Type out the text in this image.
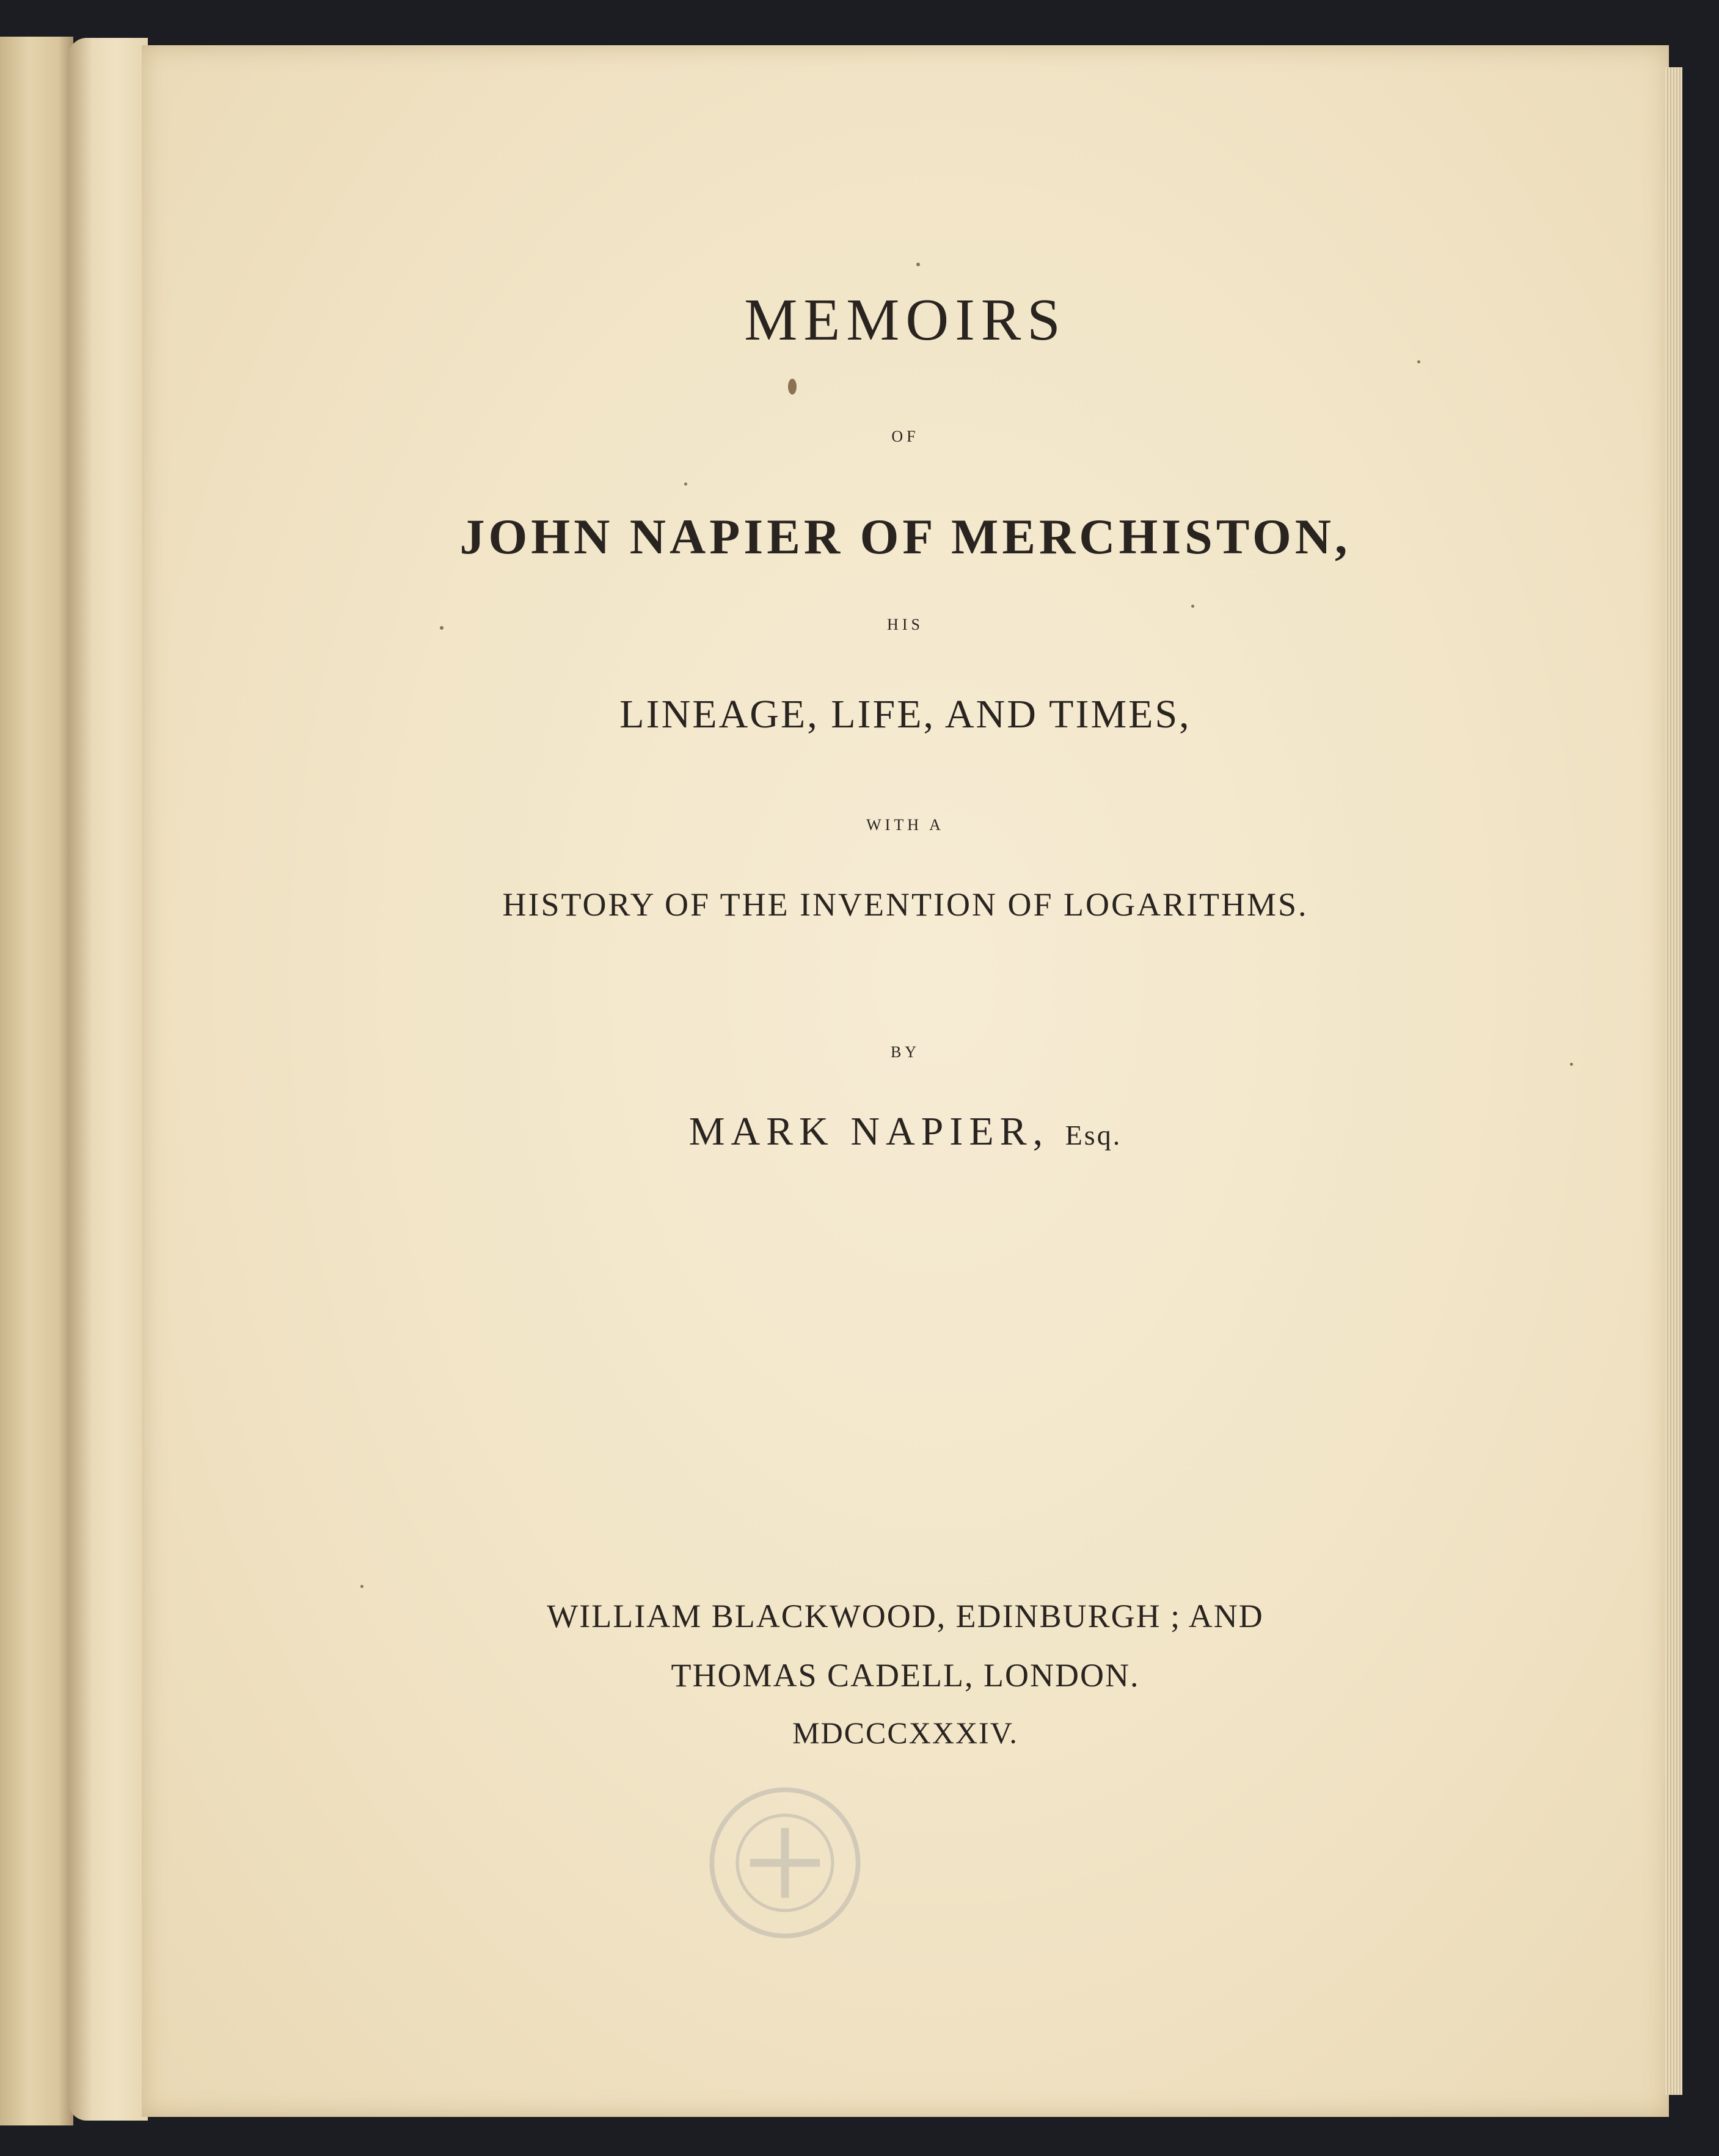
MEMOIRS

OF

JOHN NAPIER OF MERCHISTON,

HIS

LINEAGE, LIFE, AND TIMES,

WITH A

HISTORY OF THE INVENTION OF LOGARITHMS.

BY

MARK NAPIER, Esq.

WILLIAM BLACKWOOD, EDINBURGH ; AND

THOMAS CADELL, LONDON.

MDCCCXXXIV.
